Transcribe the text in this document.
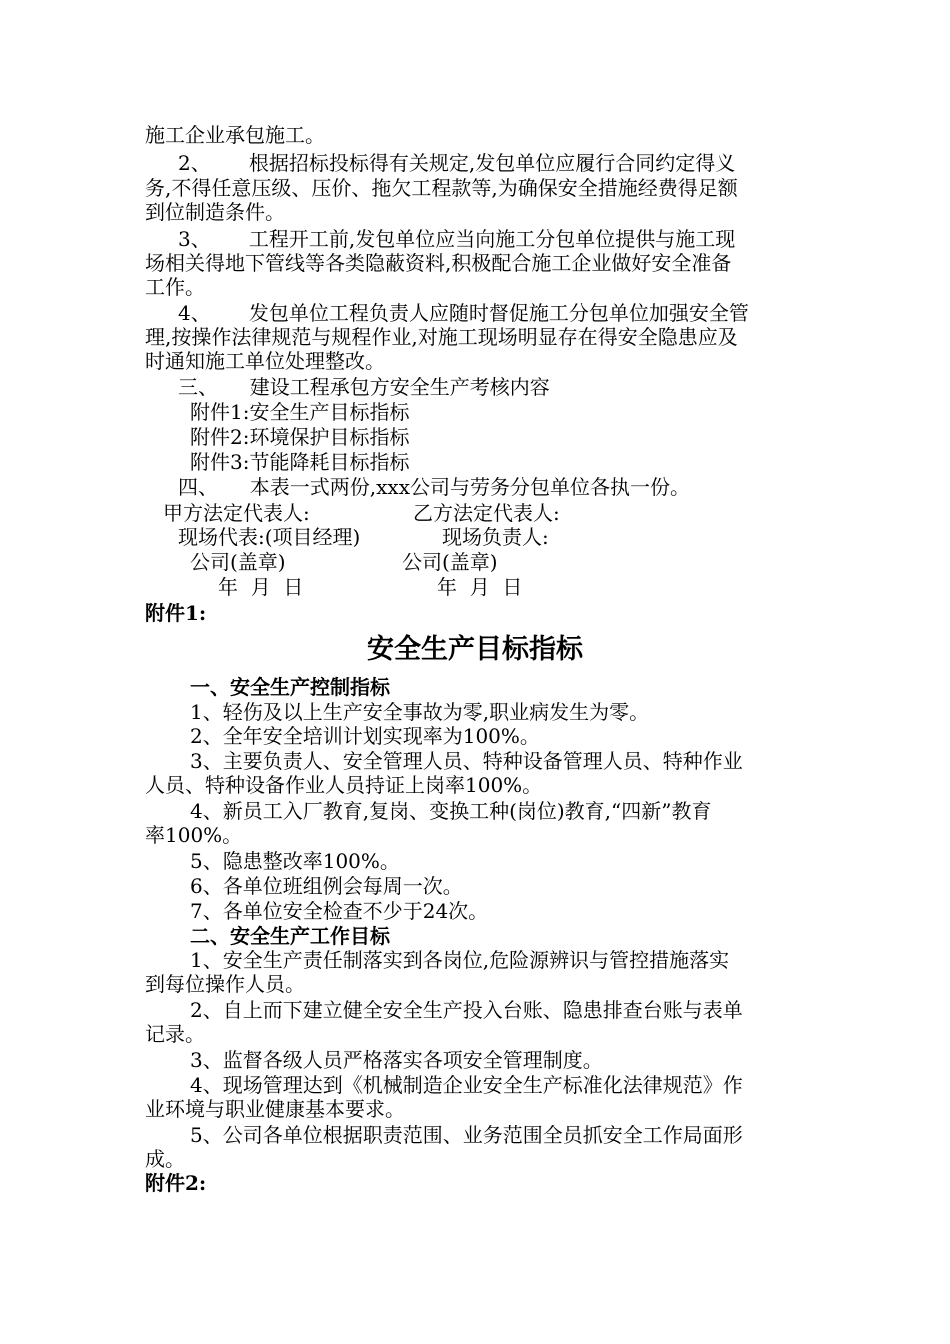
施工企业承包施工。
2、      根据招标投标得有关规定,发包单位应履行合同约定得义
务,不得任意压级、压价、拖欠工程款等,为确保安全措施经费得足额
到位制造条件。
3、      工程开工前,发包单位应当向施工分包单位提供与施工现
场相关得地下管线等各类隐蔽资料,积极配合施工企业做好安全准备
工作。
4、      发包单位工程负责人应随时督促施工分包单位加强安全管
理,按操作法律规范与规程作业,对施工现场明显存在得安全隐患应及
时通知施工单位处理整改。
三、     建设工程承包方安全生产考核内容
附件1:安全生产目标指标
附件2:环境保护目标指标
附件3:节能降耗目标指标
四、     本表一式两份,xxx公司与劳务分包单位各执一份。
甲方法定代表人:	乙方法定代表人:
现场代表:(项目经理)	现场负责人:
公司(盖章)	公司(盖章)
年  月  日	年  月  日
附件1:
安全生产目标指标
一、安全生产控制指标
1、轻伤及以上生产安全事故为零,职业病发生为零。
2、全年安全培训计划实现率为100%。
3、主要负责人、安全管理人员、特种设备管理人员、特种作业
人员、特种设备作业人员持证上岗率100%。
4、新员工入厂教育,复岗、变换工种(岗位)教育,“四新”教育
率100%。
5、隐患整改率100%。
6、各单位班组例会每周一次。
7、各单位安全检查不少于24次。
二、安全生产工作目标
1、安全生产责任制落实到各岗位,危险源辨识与管控措施落实
到每位操作人员。
2、自上而下建立健全安全生产投入台账、隐患排查台账与表单
记录。
3、监督各级人员严格落实各项安全管理制度。
4、现场管理达到《机械制造企业安全生产标准化法律规范》作
业环境与职业健康基本要求。
5、公司各单位根据职责范围、业务范围全员抓安全工作局面形
成。
附件2:
